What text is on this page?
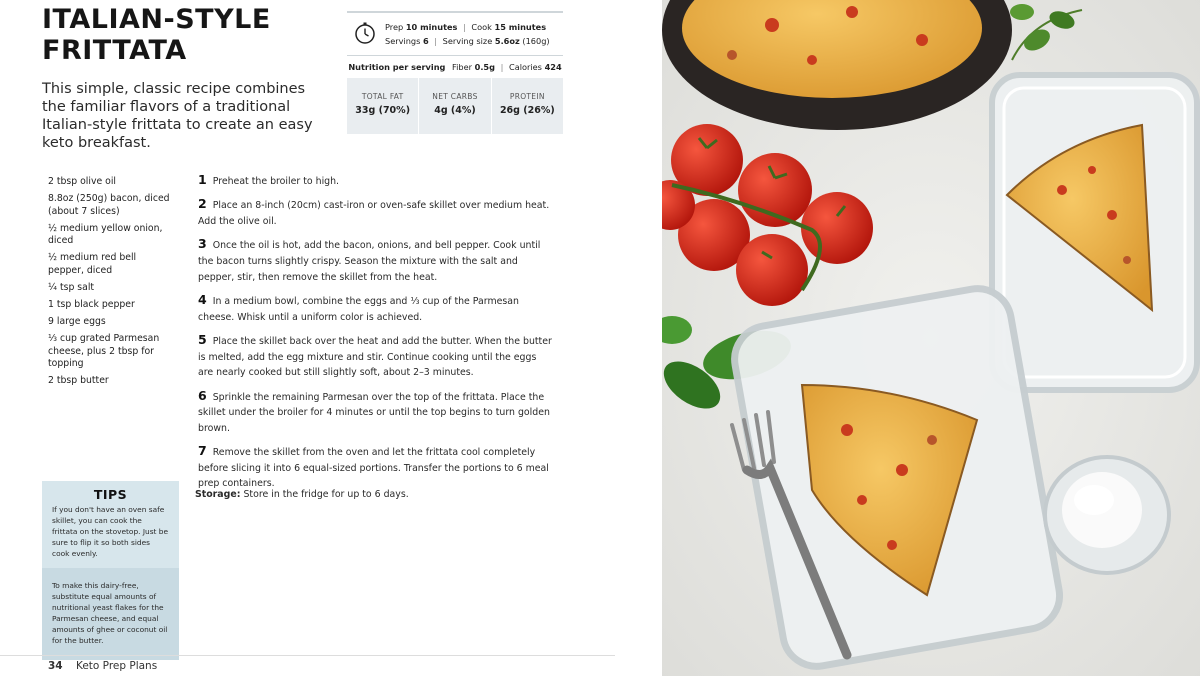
ITALIAN-STYLE
FRITTATA

This simple, classic recipe combines the familiar flavors of a traditional Italian-style frittata to create an easy keto breakfast.

Prep 10 minutes | Cook 15 minutes
Servings 6 | Serving size 5.6oz (160g)
Nutrition per serving Fiber 0.5g | Calories 424
TOTAL FAT
33g (70%)
NET CARBS
4g (4%)
PROTEIN
26g (26%)
2 tbsp olive oil
8.8oz (250g) bacon, diced (about 7 slices)
½ medium yellow onion, diced
½ medium red bell pepper, diced
¼ tsp salt
1 tsp black pepper
9 large eggs
⅓ cup grated Parmesan cheese, plus 2 tbsp for topping
2 tbsp butter
1 Preheat the broiler to high.
2 Place an 8-inch (20cm) cast-iron or oven-safe skillet over medium heat. Add the olive oil.
3 Once the oil is hot, add the bacon, onions, and bell pepper. Cook until the bacon turns slightly crispy. Season the mixture with the salt and pepper, stir, then remove the skillet from the heat.
4 In a medium bowl, combine the eggs and ⅓ cup of the Parmesan cheese. Whisk until a uniform color is achieved.
5 Place the skillet back over the heat and add the butter. When the butter is melted, add the egg mixture and stir. Continue cooking until the eggs are nearly cooked but still slightly soft, about 2–3 minutes.
6 Sprinkle the remaining Parmesan over the top of the frittata. Place the skillet under the broiler for 4 minutes or until the top begins to turn golden brown.
7 Remove the skillet from the oven and let the frittata cool completely before slicing it into 6 equal-sized portions. Transfer the portions to 6 meal prep containers.
Storage: Store in the fridge for up to 6 days.
TIPS
If you don't have an oven safe skillet, you can cook the frittata on the stovetop. Just be sure to flip it so both sides cook evenly.
To make this dairy-free, substitute equal amounts of nutritional yeast flakes for the Parmesan cheese, and equal amounts of ghee or coconut oil for the butter.
34 Keto Prep Plans
